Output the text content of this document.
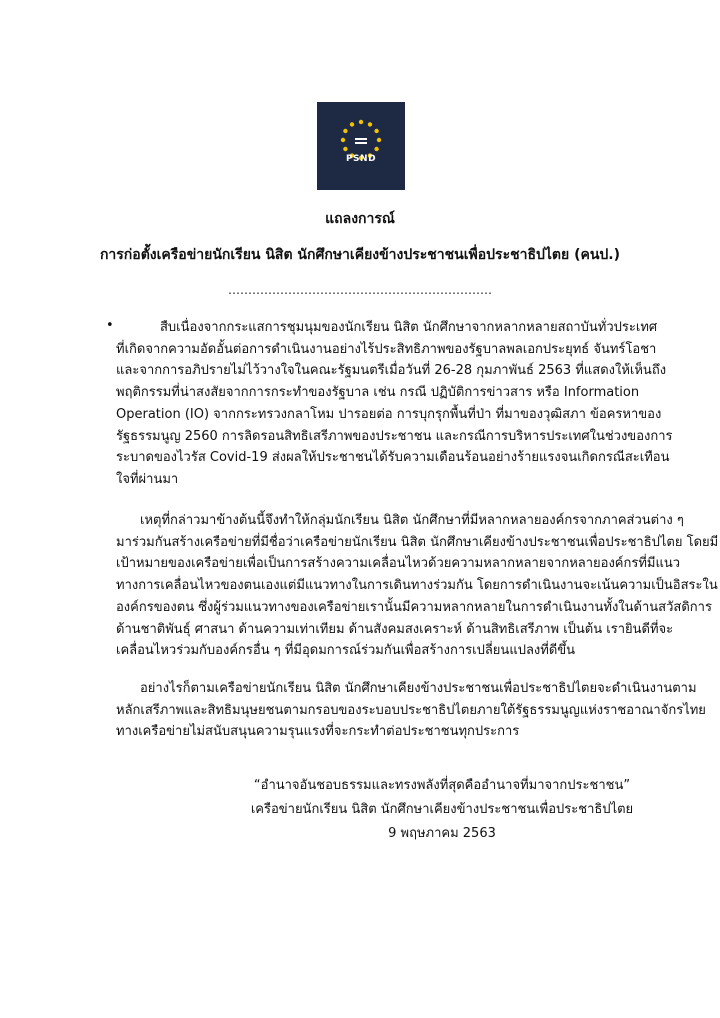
PSND
แถลงการณ์
การก่อตั้งเครือข่ายนักเรียน นิสิต นักศึกษาเคียงข้างประชาชนเพื่อประชาธิปไตย (คนป.)
…………………………………………………………
•	สืบเนื่องจากกระแสการชุมนุมของนักเรียน นิสิต นักศึกษาจากหลากหลายสถาบันทั่วประเทศ
ที่เกิดจากความอัดอั้นต่อการดำเนินงานอย่างไร้ประสิทธิภาพของรัฐบาลพลเอกประยุทธ์ จันทร์โอชา
และจากการอภิปรายไม่ไว้วางใจในคณะรัฐมนตรีเมื่อวันที่ 26-28 กุมภาพันธ์ 2563 ที่แสดงให้เห็นถึง
พฤติกรรมที่น่าสงสัยจากการกระทำของรัฐบาล เช่น กรณี ปฏิบัติการข่าวสาร หรือ Information
Operation (IO) จากกระทรวงกลาโหม ปารอยต่อ การบุกรุกพื้นที่ป่า ที่มาของวุฒิสภา ข้อครหาของ
รัฐธรรมนูญ 2560 การลิดรอนสิทธิเสรีภาพของประชาชน และกรณีการบริหารประเทศในช่วงของการ
ระบาดของไวรัส Covid-19 ส่งผลให้ประชาชนได้รับความเดือนร้อนอย่างร้ายแรงจนเกิดกรณีสะเทือน
ใจที่ผ่านมา
เหตุที่กล่าวมาข้างต้นนี้จึงทำให้กลุ่มนักเรียน นิสิต นักศึกษาที่มีหลากหลายองค์กรจากภาคส่วนต่าง ๆ
มาร่วมกันสร้างเครือข่ายที่มีชื่อว่าเครือข่ายนักเรียน นิสิต นักศึกษาเคียงข้างประชาชนเพื่อประชาธิปไตย โดยมี
เป้าหมายของเครือข่ายเพื่อเป็นการสร้างความเคลื่อนไหวด้วยความหลากหลายจากหลายองค์กรที่มีแนว
ทางการเคลื่อนไหวของตนเองแต่มีแนวทางในการเดินทางร่วมกัน โดยการดำเนินงานจะเน้นความเป็นอิสระใน
องค์กรของตน ซึ่งผู้ร่วมแนวทางของเครือข่ายเรานั้นมีความหลากหลายในการดำเนินงานทั้งในด้านสวัสดิการ
ด้านชาติพันธุ์ ศาสนา ด้านความเท่าเทียม ด้านสังคมสงเคราะห์ ด้านสิทธิเสรีภาพ เป็นต้น เรายินดีที่จะ
เคลื่อนไหวร่วมกับองค์กรอื่น ๆ ที่มีอุดมการณ์ร่วมกันเพื่อสร้างการเปลี่ยนแปลงที่ดีขึ้น
อย่างไรก็ตามเครือข่ายนักเรียน นิสิต นักศึกษาเคียงข้างประชาชนเพื่อประชาธิปไตยจะดำเนินงานตาม
หลักเสรีภาพและสิทธิมนุษยชนตามกรอบของระบอบประชาธิปไตยภายใต้รัฐธรรมนูญแห่งราชอาณาจักรไทย
ทางเครือข่ายไม่สนับสนุนความรุนแรงที่จะกระทำต่อประชาชนทุกประการ
“อำนาจอันชอบธรรมและทรงพลังที่สุดคืออำนาจที่มาจากประชาชน”
เครือข่ายนักเรียน นิสิต นักศึกษาเคียงข้างประชาชนเพื่อประชาธิปไตย
9 พฤษภาคม 2563
